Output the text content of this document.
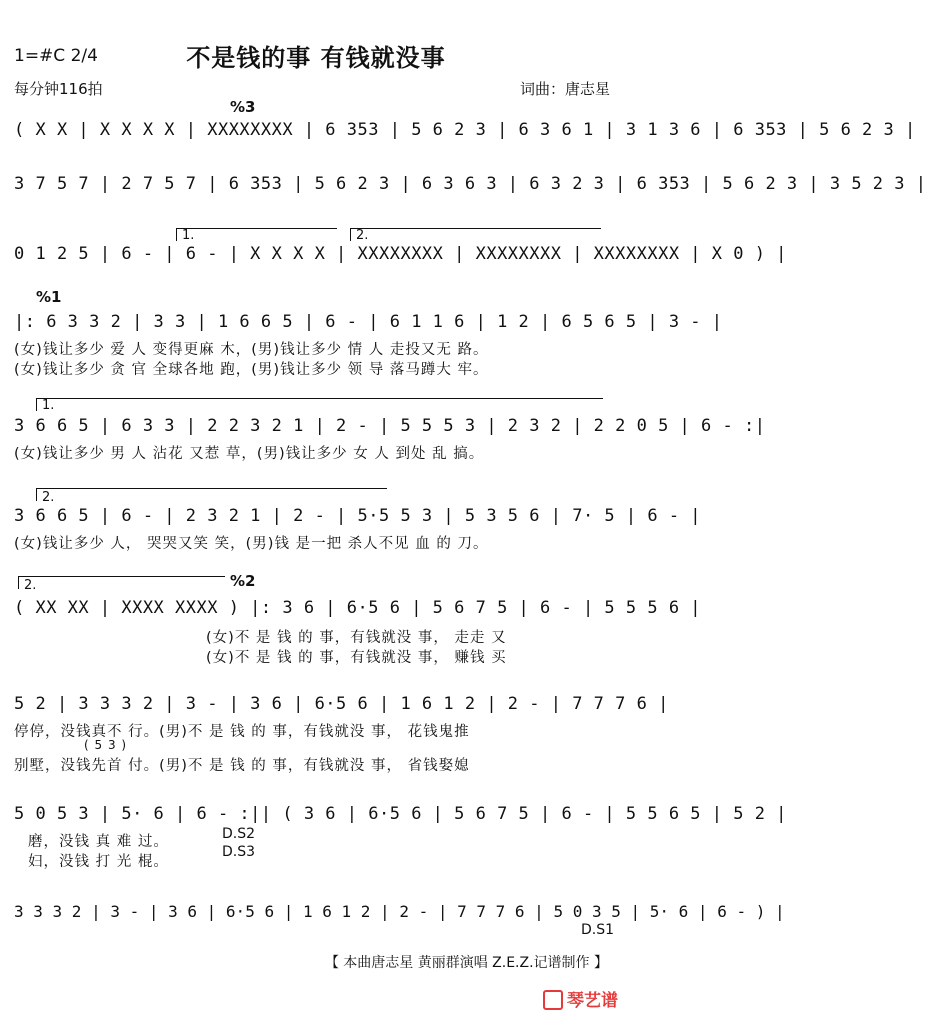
1=#C 2/4	不是钱的事 有钱就没事
每分钟116拍	词曲：唐志星
%3
1.	2.
%1
1.
2.
2.	%2
( X X | X X X X | XXXXXXXX | 6 353 | 5 6 2 3 | 6 3 6 1 | 3 1 3 6 | 6 353 | 5 6 2 3 |
3 7 5 7 | 2 7 5 7 | 6 353 | 5 6 2 3 | 6 3 6 3 | 6 3 2 3 | 6 353 | 5 6 2 3 | 3 5 2 3 |
0 1 2 5 | 6 - | 6 - | X X X X | XXXXXXXX | XXXXXXXX | XXXXXXXX | X 0 ) |
|: 6 3 3 2 | 3 3 | 1 6 6 5 | 6 - | 6 1 1 6 | 1 2 | 6 5 6 5 | 3 - |
(女)钱让多少 爱 人 变得更麻 木，(男)钱让多少 情 人 走投又无 路。
(女)钱让多少 贪 官 全球各地 跑，(男)钱让多少 领 导 落马蹲大 牢。
3 6 6 5 | 6 3 3 | 2 2 3 2 1 | 2 - | 5 5 5 3 | 2 3 2 | 2 2 0 5 | 6 - :|
(女)钱让多少 男 人 沾花 又惹 草，(男)钱让多少 女 人 到处 乱 搞。
3 6 6 5 | 6 - | 2 3 2 1 | 2 - | 5·5 5 3 | 5 3 5 6 | 7· 5 | 6 - |
(女)钱让多少 人， 哭哭又笑 笑，(男)钱 是一把 杀人不见 血 的 刀。
( XX XX | XXXX XXXX ) |: 3 6 | 6·5 6 | 5 6 7 5 | 6 - | 5 5 5 6 |
(女)不 是 钱 的 事，有钱就没 事， 走走 又
(女)不 是 钱 的 事，有钱就没 事， 赚钱 买
5 2 | 3 3 3 2 | 3 - | 3 6 | 6·5 6 | 1 6 1 2 | 2 - | 7 7 7 6 |
停停，没钱真不 行。(男)不 是 钱 的 事，有钱就没 事， 花钱鬼推
( 5 3 )
别墅，没钱先首 付。(男)不 是 钱 的 事，有钱就没 事， 省钱娶媳
5 0 5 3 | 5· 6 | 6 - :|| ( 3 6 | 6·5 6 | 5 6 7 5 | 6 - | 5 5 6 5 | 5 2 |
磨，没钱 真 难 过。
妇，没钱 打 光 棍。
D.S2
D.S3
3 3 3 2 | 3 - | 3 6 | 6·5 6 | 1 6 1 2 | 2 - | 7 7 7 6 | 5 0 3 5 | 5· 6 | 6 - ) |
D.S1
【 本曲唐志星 黄丽群演唱 Z.E.Z.记谱制作 】
琴艺谱
